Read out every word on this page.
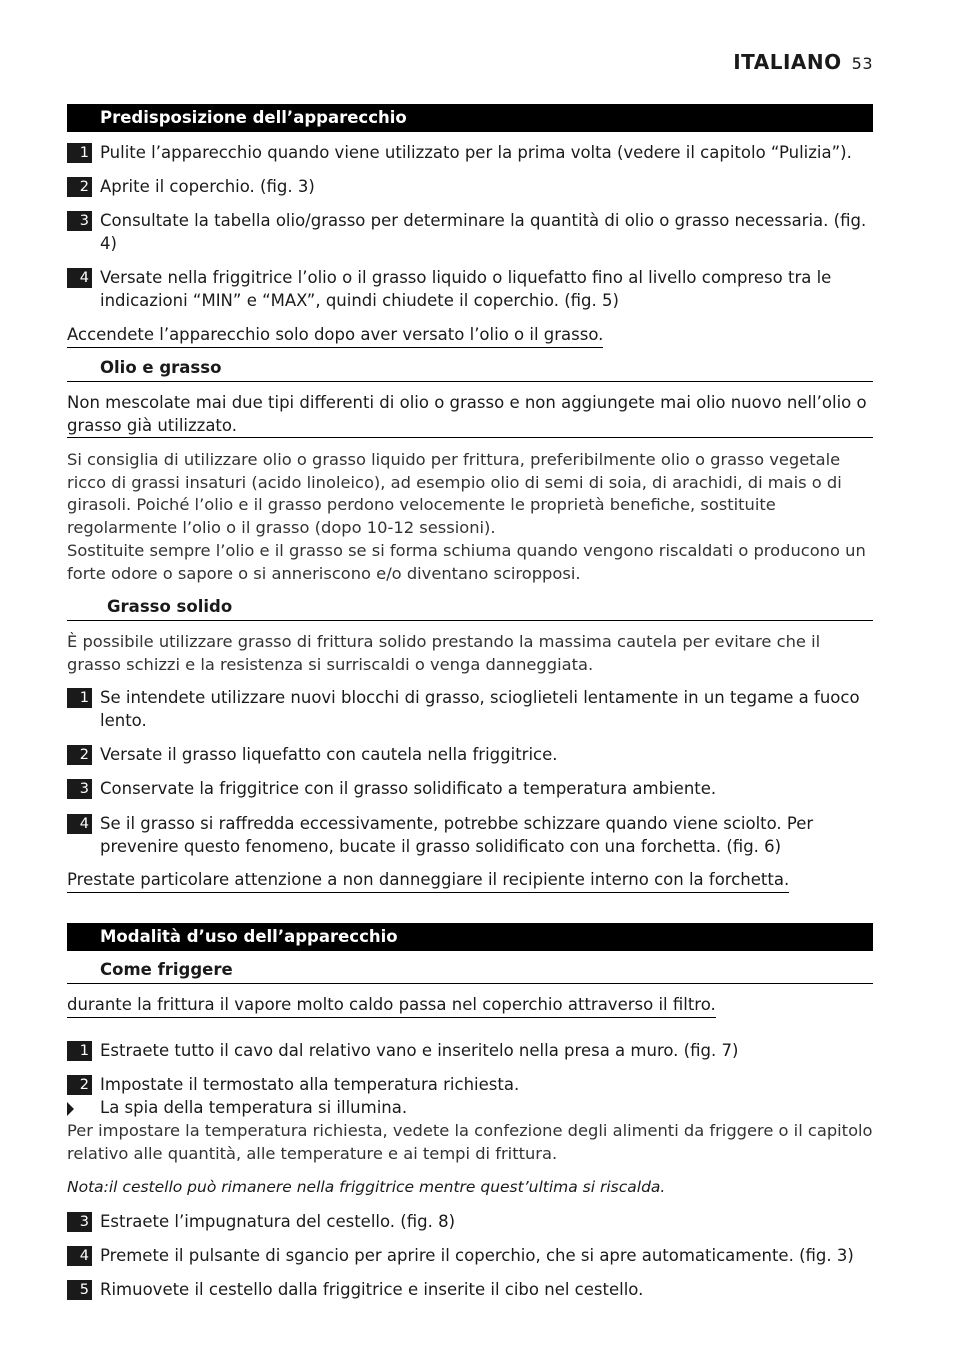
ITALIANO 53
Predisposizione dell’apparecchio
1 Pulite l’apparecchio quando viene utilizzato per la prima volta (vedere il capitolo “Pulizia”).
2 Aprite il coperchio. (fig. 3)
3 Consultate la tabella olio/grasso per determinare la quantità di olio o grasso necessaria. (fig. 4)
4 Versate nella friggitrice l’olio o il grasso liquido o liquefatto fino al livello compreso tra le indicazioni “MIN” e “MAX”, quindi chiudete il coperchio. (fig. 5)
Accendete l’apparecchio solo dopo aver versato l’olio o il grasso.
Olio e grasso
Non mescolate mai due tipi differenti di olio o grasso e non aggiungete mai olio nuovo nell’olio o grasso già utilizzato.
Si consiglia di utilizzare olio o grasso liquido per frittura, preferibilmente olio o grasso vegetale ricco di grassi insaturi (acido linoleico), ad esempio olio di semi di soia, di arachidi, di mais o di girasoli. Poiché l’olio e il grasso perdono velocemente le proprietà benefiche, sostituite regolarmente l’olio o il grasso (dopo 10-12 sessioni).
Sostituite sempre l’olio e il grasso se si forma schiuma quando vengono riscaldati o producono un forte odore o sapore o si anneriscono e/o diventano sciropposi.
Grasso solido
È possibile utilizzare grasso di frittura solido prestando la massima cautela per evitare che il grasso schizzi e la resistenza si surriscaldi o venga danneggiata.
1 Se intendete utilizzare nuovi blocchi di grasso, scioglieteli lentamente in un tegame a fuoco lento.
2 Versate il grasso liquefatto con cautela nella friggitrice.
3 Conservate la friggitrice con il grasso solidificato a temperatura ambiente.
4 Se il grasso si raffredda eccessivamente, potrebbe schizzare quando viene sciolto. Per prevenire questo fenomeno, bucate il grasso solidificato con una forchetta. (fig. 6)
Prestate particolare attenzione a non danneggiare il recipiente interno con la forchetta.
Modalità d’uso dell’apparecchio
Come friggere
durante la frittura il vapore molto caldo passa nel coperchio attraverso il filtro.
1 Estraete tutto il cavo dal relativo vano e inseritelo nella presa a muro. (fig. 7)
2 Impostate il termostato alla temperatura richiesta.
La spia della temperatura si illumina.
Per impostare la temperatura richiesta, vedete la confezione degli alimenti da friggere o il capitolo relativo alle quantità, alle temperature e ai tempi di frittura.
Nota:il cestello può rimanere nella friggitrice mentre quest’ultima si riscalda.
3 Estraete l’impugnatura del cestello. (fig. 8)
4 Premete il pulsante di sgancio per aprire il coperchio, che si apre automaticamente. (fig. 3)
5 Rimuovete il cestello dalla friggitrice e inserite il cibo nel cestello.
